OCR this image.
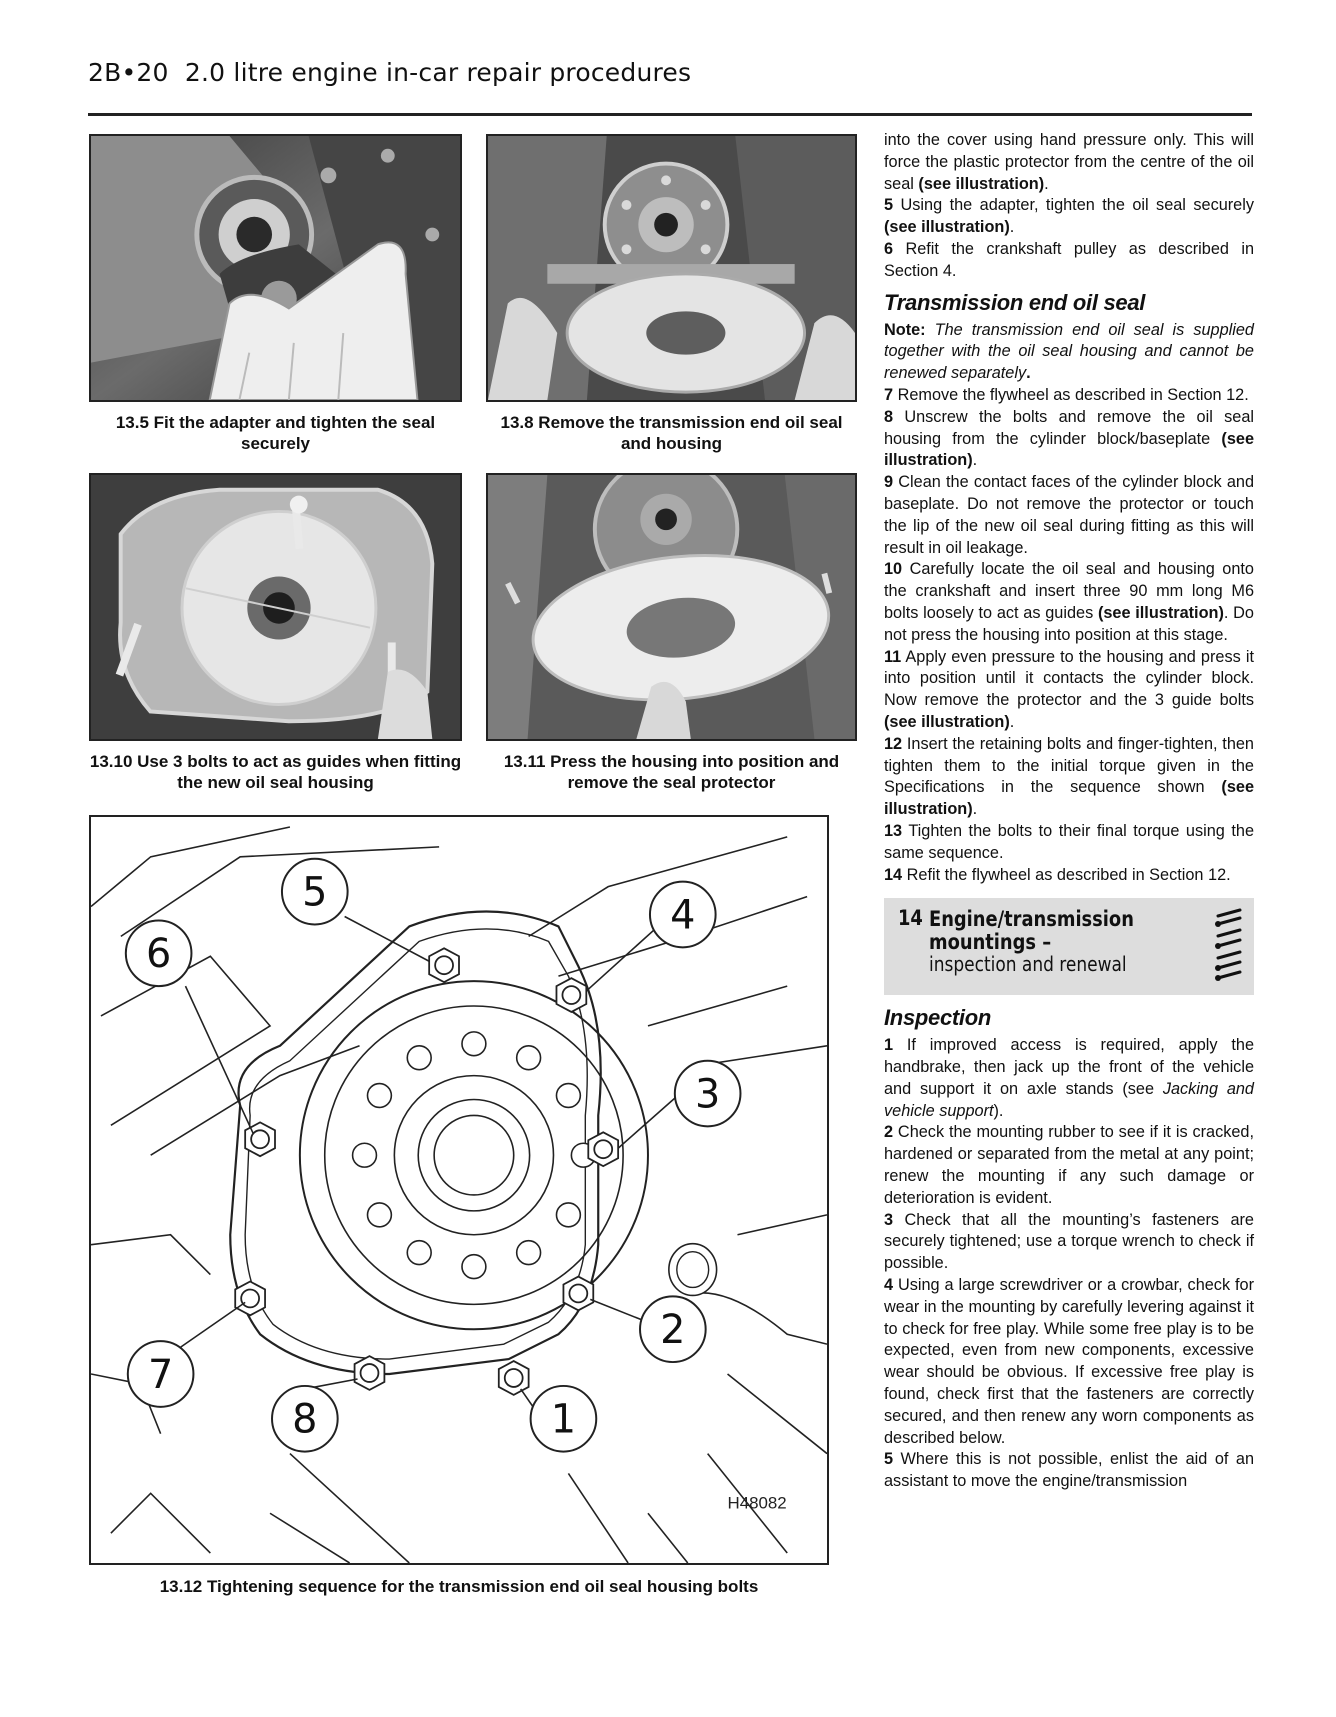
2B•20 2.0 litre engine in-car repair procedures
13.5 Fit the adapter and tighten the seal securely
13.8 Remove the transmission end oil seal and housing
13.10 Use 3 bolts to act as guides when fitting the new oil seal housing
13.11 Press the housing into position and remove the seal protector
5	4
6
3
7
2
8	1
H48082
13.12 Tightening sequence for the transmission end oil seal housing bolts

into the cover using hand pressure only. This will force the plastic protector from the centre of the oil seal (see illustration).

5 Using the adapter, tighten the oil seal securely (see illustration).

6 Refit the crankshaft pulley as described in Section 4.

Transmission end oil seal

Note: The transmission end oil seal is supplied together with the oil seal housing and cannot be renewed separately.

7 Remove the flywheel as described in Section 12.

8 Unscrew the bolts and remove the oil seal housing from the cylinder block/baseplate (see illustration).

9 Clean the contact faces of the cylinder block and baseplate. Do not remove the protector or touch the lip of the new oil seal during fitting as this will result in oil leakage.

10 Carefully locate the oil seal and housing onto the crankshaft and insert three 90 mm long M6 bolts loosely to act as guides (see illustration). Do not press the housing into position at this stage.

11 Apply even pressure to the housing and press it into position until it contacts the cylinder block. Now remove the protector and the 3 guide bolts (see illustration).

12 Insert the retaining bolts and finger-tighten, then tighten them to the initial torque given in the Specifications in the sequence shown (see illustration).

13 Tighten the bolts to their final torque using the same sequence.

14 Refit the flywheel as described in Section 12.

14 Engine/transmission
mountings –
inspection and renewal
Inspection

1 If improved access is required, apply the handbrake, then jack up the front of the vehicle and support it on axle stands (see Jacking and vehicle support).

2 Check the mounting rubber to see if it is cracked, hardened or separated from the metal at any point; renew the mounting if any such damage or deterioration is evident.

3 Check that all the mounting’s fasteners are securely tightened; use a torque wrench to check if possible.

4 Using a large screwdriver or a crowbar, check for wear in the mounting by carefully levering against it to check for free play. While some free play is to be expected, even from new components, excessive wear should be obvious. If excessive free play is found, check first that the fasteners are correctly secured, and then renew any worn components as described below.

5 Where this is not possible, enlist the aid of an assistant to move the engine/transmission
